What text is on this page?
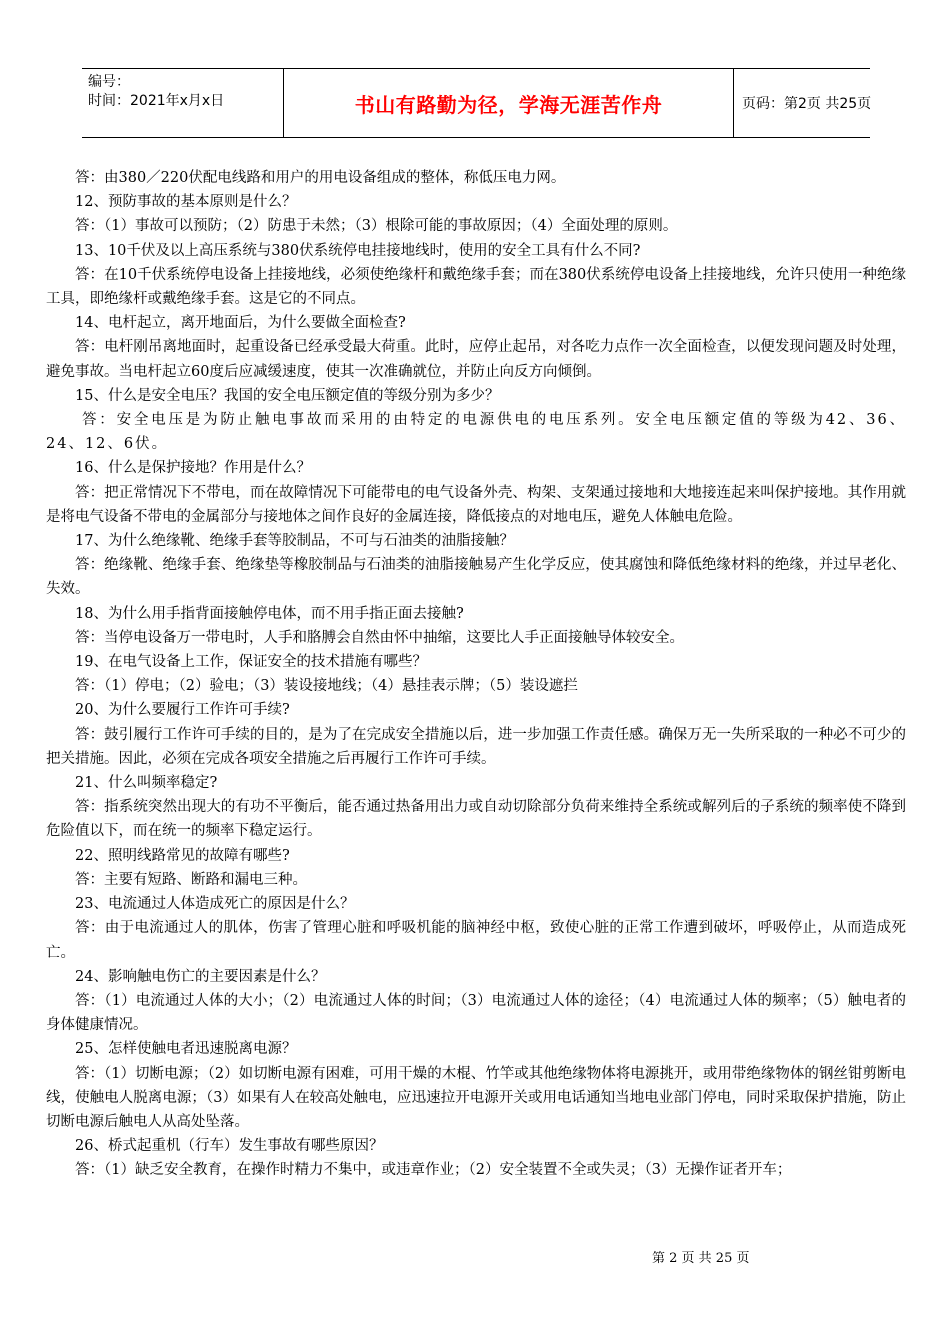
编号：
时间：2021年x月x日	书山有路勤为径，学海无涯苦作舟	页码：第2页 共25页

答：由380／220伏配电线路和用户的用电设备组成的整体，称低压电力网。

12、预防事故的基本原则是什么？

答：（1）事故可以预防；（2）防患于未然；（3）根除可能的事故原因；（4）全面处理的原则。

13、10千伏及以上高压系统与380伏系统停电挂接地线时，使用的安全工具有什么不同?

答：在10千伏系统停电设备上挂接地线，必须使绝缘杆和戴绝缘手套；而在380伏系统停电设备上挂接地线，允许只使用一种绝缘工具，即绝缘杆或戴绝缘手套。这是它的不同点。

14、电杆起立，离开地面后，为什么要做全面检查?

答：电杆刚吊离地面时，起重设备已经承受最大荷重。此时，应停止起吊，对各吃力点作一次全面检查，以便发现问题及时处理，避免事故。当电杆起立60度后应减缓速度，使其一次准确就位，并防止向反方向倾倒。

15、什么是安全电压？我国的安全电压额定值的等级分别为多少？

答：安全电压是为防止触电事故而采用的由特定的电源供电的电压系列。安全电压额定值的等级为42、36、24、12、6伏。

16、什么是保护接地？作用是什么？

答：把正常情况下不带电，而在故障情况下可能带电的电气设备外壳、构架、支架通过接地和大地接连起来叫保护接地。其作用就是将电气设备不带电的金属部分与接地体之间作良好的金属连接，降低接点的对地电压，避免人体触电危险。

17、为什么绝缘靴、绝缘手套等胶制品，不可与石油类的油脂接触？

答：绝缘靴、绝缘手套、绝缘垫等橡胶制品与石油类的油脂接触易产生化学反应，使其腐蚀和降低绝缘材料的绝缘，并过早老化、失效。

18、为什么用手指背面接触停电体，而不用手指正面去接触?

答：当停电设备万一带电时，人手和胳膊会自然由怀中抽缩，这要比人手正面接触导体较安全。

19、在电气设备上工作，保证安全的技术措施有哪些？

答：（1）停电；（2）验电；（3）装设接地线；（4）悬挂表示牌；（5）装设遮拦

20、为什么要履行工作许可手续?

答：鼓引履行工作许可手续的目的，是为了在完成安全措施以后，进一步加强工作责任感。确保万无一失所采取的一种必不可少的把关措施。因此，必须在完成各项安全措施之后再履行工作许可手续。

21、什么叫频率稳定?

答：指系统突然出现大的有功不平衡后，能否通过热备用出力或自动切除部分负荷来维持全系统或解列后的子系统的频率使不降到危险值以下，而在统一的频率下稳定运行。

22、照明线路常见的故障有哪些?

答：主要有短路、断路和漏电三种。

23、电流通过人体造成死亡的原因是什么？

答：由于电流通过人的肌体，伤害了管理心脏和呼吸机能的脑神经中枢，致使心脏的正常工作遭到破坏，呼吸停止，从而造成死亡。

24、影响触电伤亡的主要因素是什么？

答：（1）电流通过人体的大小；（2）电流通过人体的时间；（3）电流通过人体的途径；（4）电流通过人体的频率；（5）触电者的身体健康情况。

25、怎样使触电者迅速脱离电源？

答：（1）切断电源；（2）如切断电源有困难，可用干燥的木棍、竹竿或其他绝缘物体将电源挑开，或用带绝缘物体的钢丝钳剪断电线，使触电人脱离电源；（3）如果有人在较高处触电，应迅速拉开电源开关或用电话通知当地电业部门停电，同时采取保护措施，防止切断电源后触电人从高处坠落。

26、桥式起重机（行车）发生事故有哪些原因？

答：（1）缺乏安全教育，在操作时精力不集中，或违章作业；（2）安全装置不全或失灵；（3）无操作证者开车；

第 2 页 共 25 页
